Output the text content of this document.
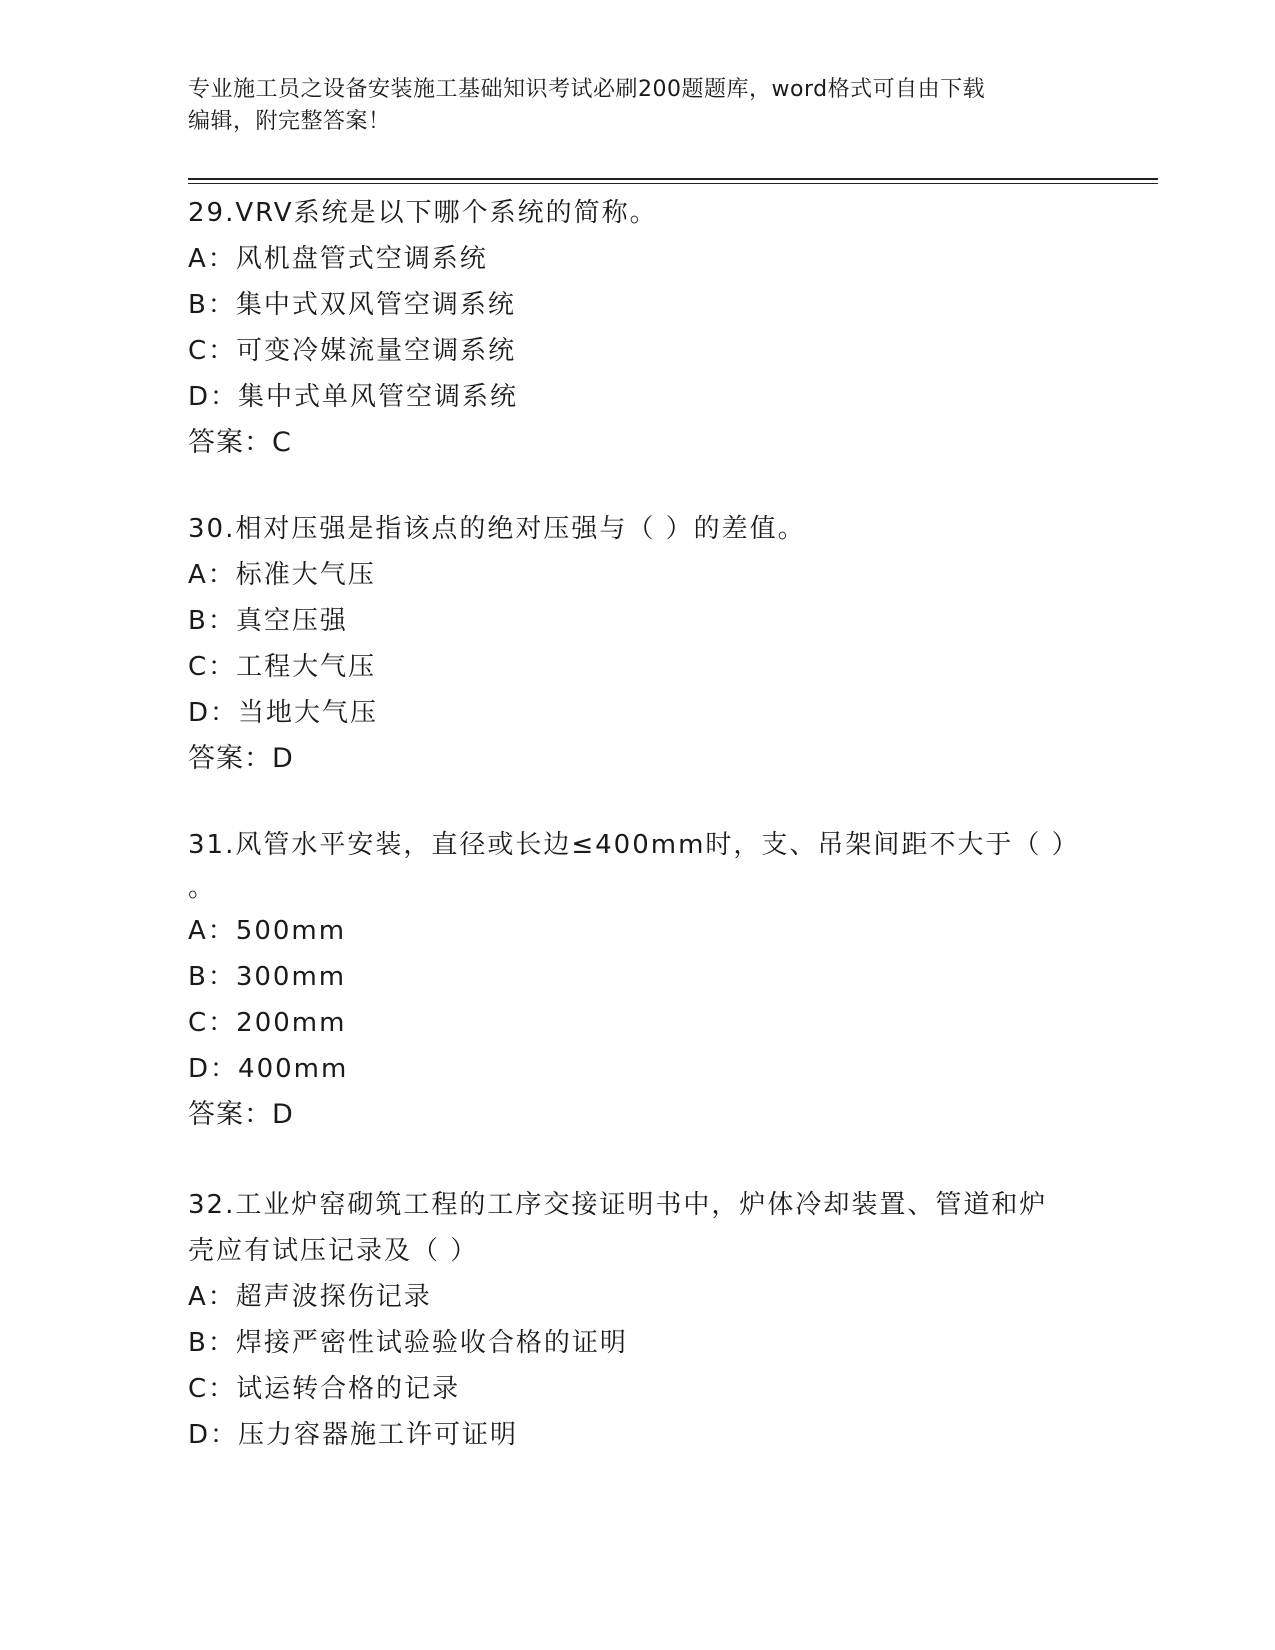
专业施工员之设备安装施工基础知识考试必刷200题题库，word格式可自由下载
编辑，附完整答案！
29.VRV系统是以下哪个系统的简称。
A：风机盘管式空调系统
B：集中式双风管空调系统
C：可变冷媒流量空调系统
D：集中式单风管空调系统
答案：C
30.相对压强是指该点的绝对压强与（ ）的差值。
A：标准大气压
B：真空压强
C：工程大气压
D：当地大气压
答案：D
31.风管水平安装，直径或长边≤400mm时，支、吊架间距不大于（ ）
。
A：500mm
B：300mm
C：200mm
D：400mm
答案：D
32.工业炉窑砌筑工程的工序交接证明书中，炉体冷却装置、管道和炉
壳应有试压记录及（ ）
A：超声波探伤记录
B：焊接严密性试验验收合格的证明
C：试运转合格的记录
D：压力容器施工许可证明
